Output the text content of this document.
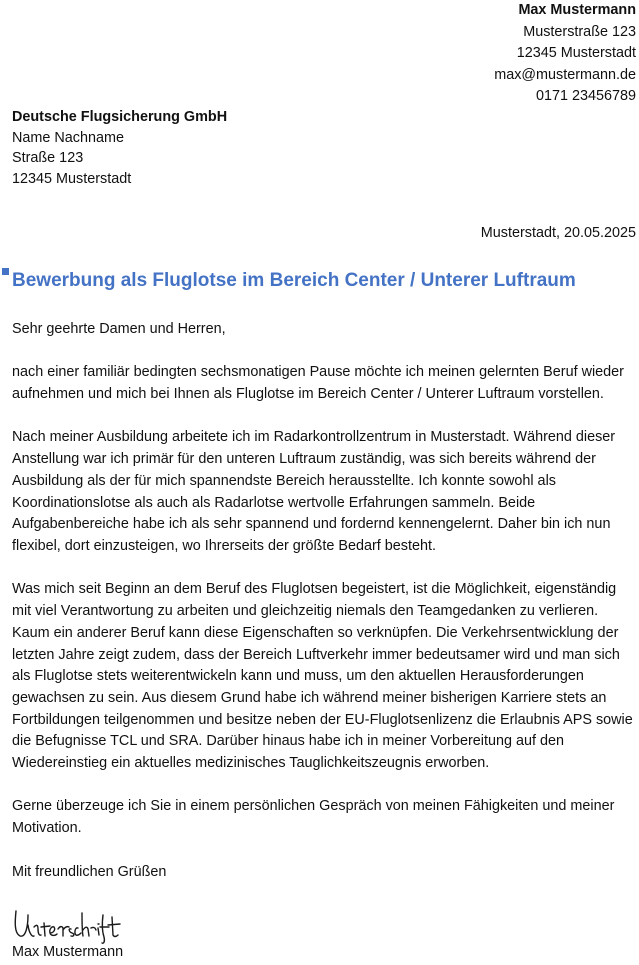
Max Mustermann
Musterstraße 123
12345 Musterstadt
max@mustermann.de
0171 23456789
Deutsche Flugsicherung GmbH
Name Nachname
Straße 123
12345 Musterstadt
Musterstadt, 20.05.2025
Bewerbung als Fluglotse im Bereich Center / Unterer Luftraum

Sehr geehrte Damen und Herren,

nach einer familiär bedingten sechsmonatigen Pause möchte ich meinen gelernten Beruf wieder aufnehmen und mich bei Ihnen als Fluglotse im Bereich Center / Unterer Luftraum vorstellen.

Nach meiner Ausbildung arbeitete ich im Radarkontrollzentrum in Musterstadt. Während dieser Anstellung war ich primär für den unteren Luftraum zuständig, was sich bereits während der Ausbildung als der für mich spannendste Bereich herausstellte. Ich konnte sowohl als Koordinationslotse als auch als Radarlotse wertvolle Erfahrungen sammeln. Beide Aufgabenbereiche habe ich als sehr spannend und fordernd kennengelernt. Daher bin ich nun flexibel, dort einzusteigen, wo Ihrerseits der größte Bedarf besteht.

Was mich seit Beginn an dem Beruf des Fluglotsen begeistert, ist die Möglichkeit, eigenständig mit viel Verantwortung zu arbeiten und gleichzeitig niemals den Teamgedanken zu verlieren. Kaum ein anderer Beruf kann diese Eigenschaften so verknüpfen. Die Verkehrsentwicklung der letzten Jahre zeigt zudem, dass der Bereich Luftverkehr immer bedeutsamer wird und man sich als Fluglotse stets weiterentwickeln kann und muss, um den aktuellen Herausforderungen gewachsen zu sein. Aus diesem Grund habe ich während meiner bisherigen Karriere stets an Fortbildungen teilgenommen und besitze neben der EU-Fluglotsenlizenz die Erlaubnis APS sowie die Befugnisse TCL und SRA. Darüber hinaus habe ich in meiner Vorbereitung auf den Wiedereinstieg ein aktuelles medizinisches Tauglichkeitszeugnis erworben.

Gerne überzeuge ich Sie in einem persönlichen Gespräch von meinen Fähigkeiten und meiner Motivation.

Mit freundlichen Grüßen

Max Mustermann
